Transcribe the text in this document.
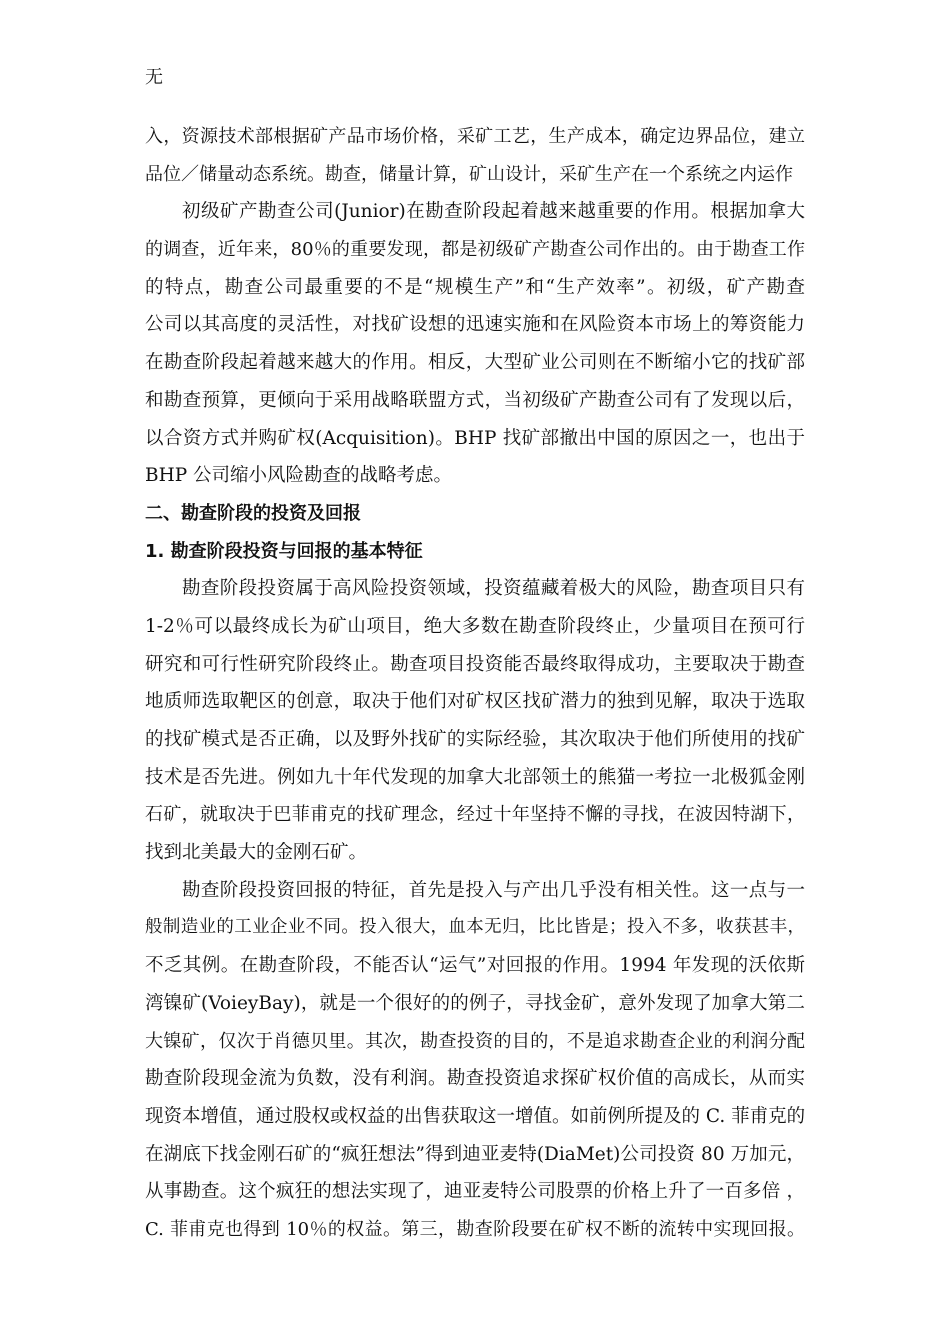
无
入，资源技术部根据矿产品市场价格，采矿工艺，生产成本，确定边界品位，建立
品位／储量动态系统。勘查，储量计算，矿山设计，采矿生产在一个系统之内运作
初级矿产勘查公司(Junior)在勘查阶段起着越来越重要的作用。根据加拿大
的调查，近年来，80％的重要发现，都是初级矿产勘查公司作出的。由于勘查工作
的特点，勘查公司最重要的不是“规模生产”和“生产效率”。初级，矿产勘查
公司以其高度的灵活性，对找矿设想的迅速实施和在风险资本市场上的筹资能力
在勘查阶段起着越来越大的作用。相反，大型矿业公司则在不断缩小它的找矿部
和勘查预算，更倾向于采用战略联盟方式，当初级矿产勘查公司有了发现以后，
以合资方式并购矿权(Acquisition)。BHP 找矿部撤出中国的原因之一，也出于
BHP 公司缩小风险勘查的战略考虑。
二、勘查阶段的投资及回报
1. 勘查阶段投资与回报的基本特征
勘查阶段投资属于高风险投资领域，投资蕴藏着极大的风险，勘查项目只有
1-2％可以最终成长为矿山项目，绝大多数在勘查阶段终止，少量项目在预可行
研究和可行性研究阶段终止。勘查项目投资能否最终取得成功，主要取决于勘查
地质师选取靶区的创意，取决于他们对矿权区找矿潜力的独到见解，取决于选取
的找矿模式是否正确，以及野外找矿的实际经验，其次取决于他们所使用的找矿
技术是否先进。例如九十年代发现的加拿大北部领土的熊猫一考拉一北极狐金刚
石矿，就取决于巴菲甫克的找矿理念，经过十年坚持不懈的寻找，在波因特湖下，
找到北美最大的金刚石矿。
勘查阶段投资回报的特征，首先是投入与产出几乎没有相关性。这一点与一
般制造业的工业企业不同。投入很大，血本无归，比比皆是；投入不多，收获甚丰，
不乏其例。在勘查阶段，不能否认“运气”对回报的作用。1994 年发现的沃依斯
湾镍矿(VoieyBay)，就是一个很好的的例子，寻找金矿，意外发现了加拿大第二
大镍矿，仅次于肖德贝里。其次，勘查投资的目的，不是追求勘查企业的利润分配
勘查阶段现金流为负数，没有利润。勘查投资追求探矿权价值的高成长，从而实
现资本增值，通过股权或权益的出售获取这一增值。如前例所提及的 C. 菲甫克的
在湖底下找金刚石矿的“疯狂想法”得到迪亚麦特(DiaMet)公司投资 80 万加元，
从事勘查。这个疯狂的想法实现了，迪亚麦特公司股票的价格上升了一百多倍 ，
C. 菲甫克也得到 10％的权益。第三，勘查阶段要在矿权不断的流转中实现回报。
